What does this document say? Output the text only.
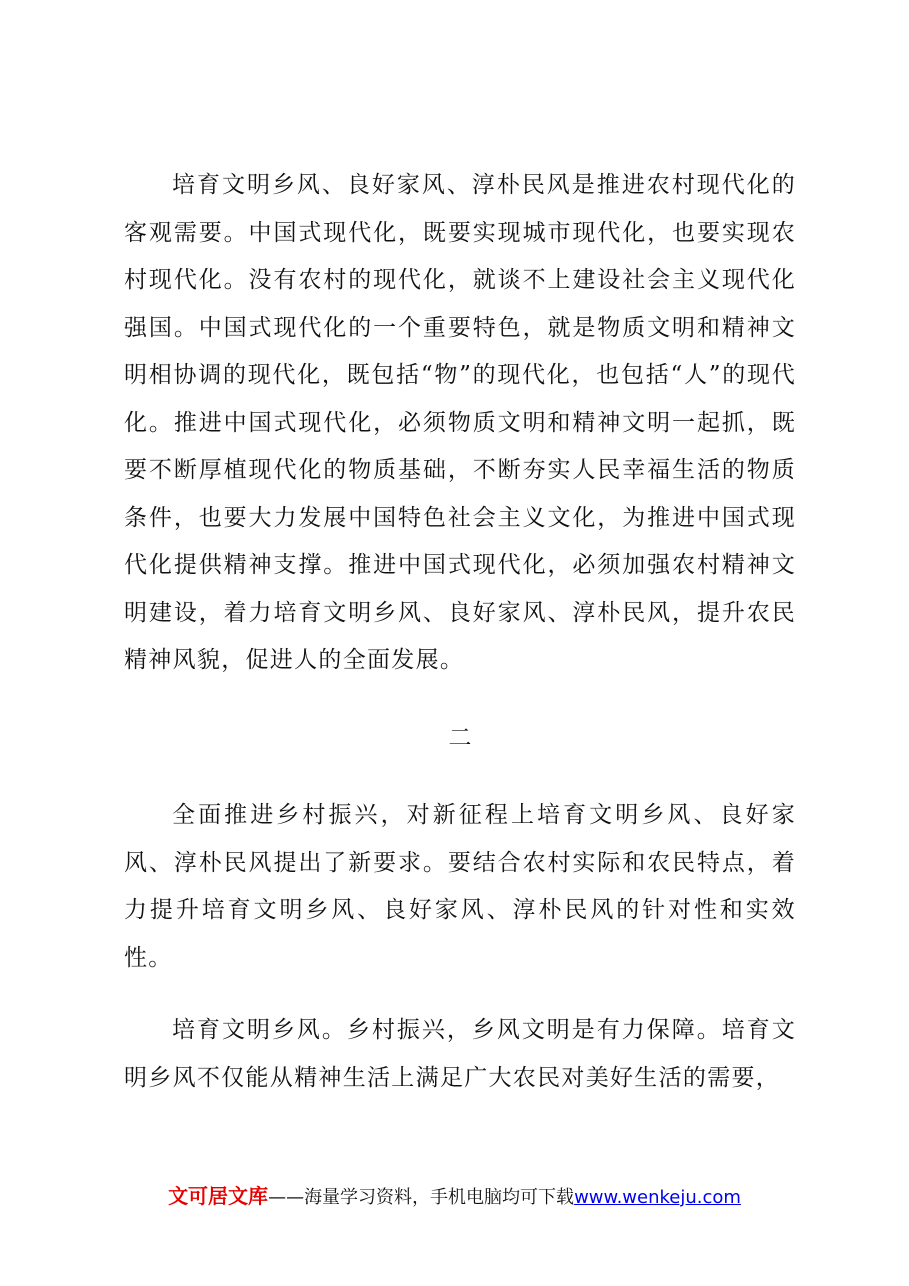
培育文明乡风、良好家风、淳朴民风是推进农村现代化的客观需要。中国式现代化，既要实现城市现代化，也要实现农村现代化。没有农村的现代化，就谈不上建设社会主义现代化强国。中国式现代化的一个重要特色，就是物质文明和精神文明相协调的现代化，既包括“物”的现代化，也包括“人”的现代化。推进中国式现代化，必须物质文明和精神文明一起抓，既要不断厚植现代化的物质基础，不断夯实人民幸福生活的物质条件，也要大力发展中国特色社会主义文化，为推进中国式现代化提供精神支撑。推进中国式现代化，必须加强农村精神文明建设，着力培育文明乡风、良好家风、淳朴民风，提升农民精神风貌，促进人的全面发展。

二

全面推进乡村振兴，对新征程上培育文明乡风、良好家风、淳朴民风提出了新要求。要结合农村实际和农民特点，着力提升培育文明乡风、良好家风、淳朴民风的针对性和实效性。

培育文明乡风。乡村振兴，乡风文明是有力保障。培育文明乡风不仅能从精神生活上满足广大农民对美好生活的需要，

文可居文库——海量学习资料，手机电脑均可下载www.wenkeju.com
